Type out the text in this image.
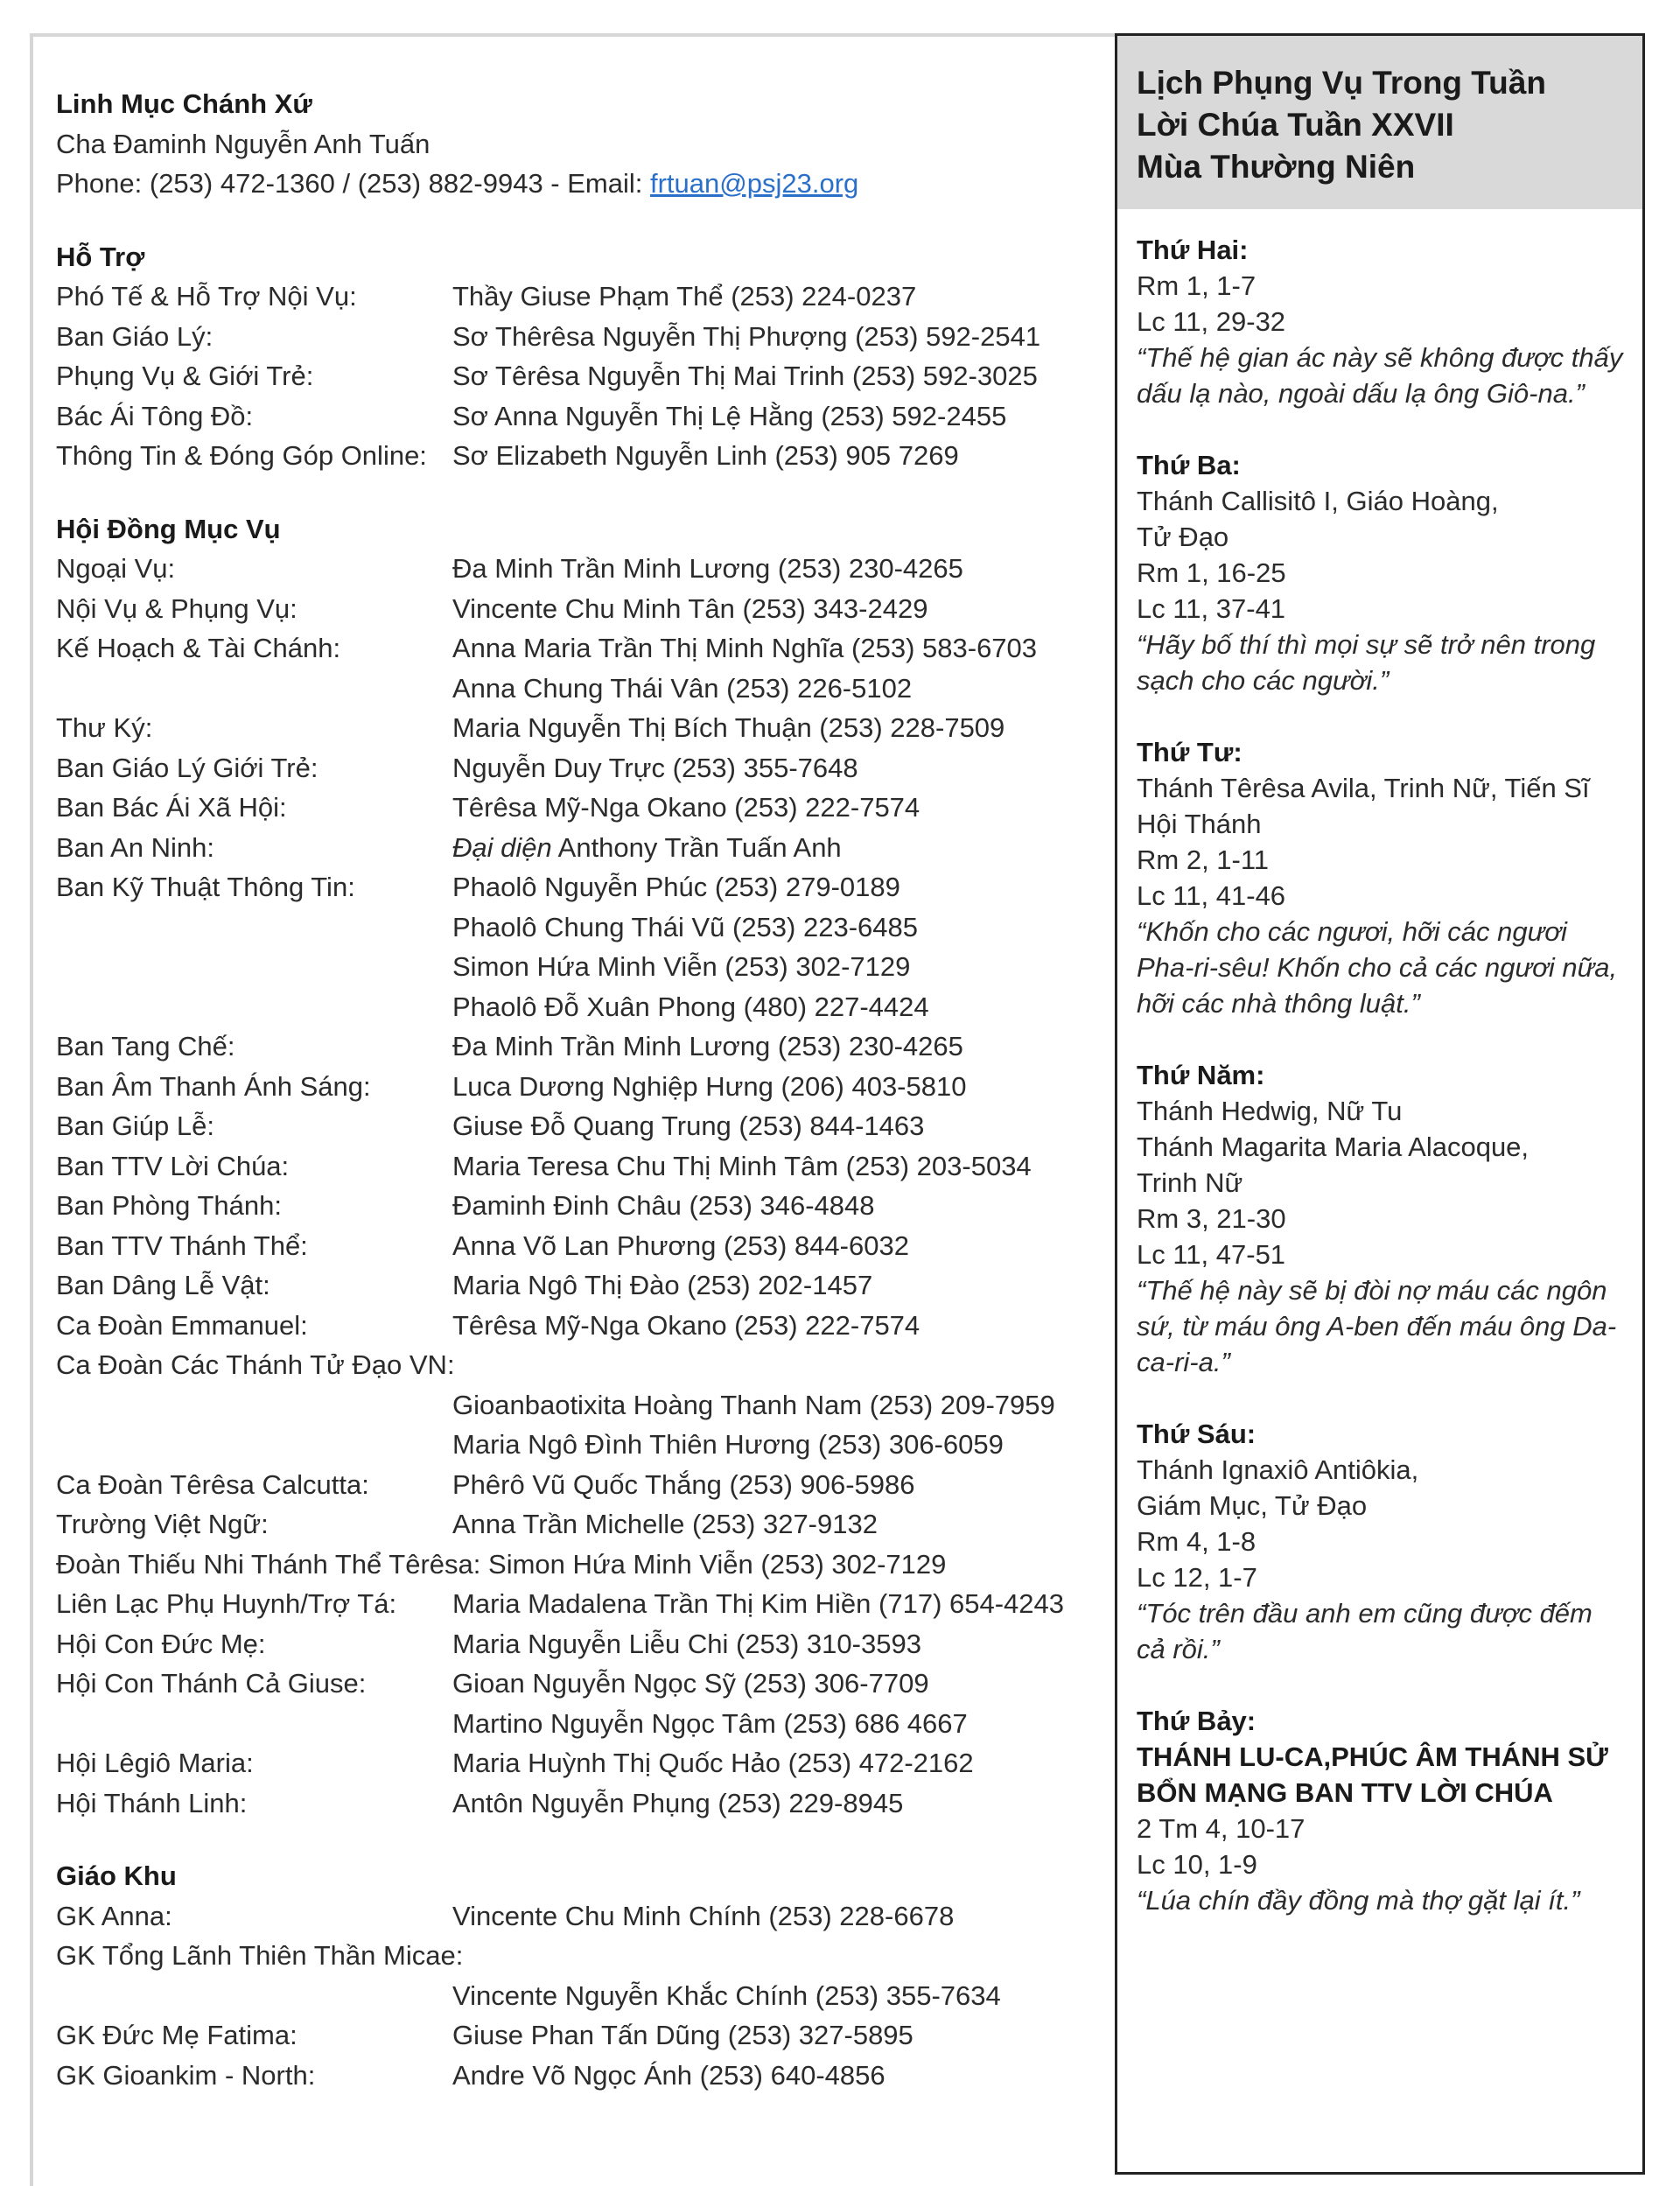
Linh Mục Chánh Xứ
Cha Đaminh Nguyễn Anh Tuấn
Phone: (253) 472-1360 / (253) 882-9943 - Email: frtuan@psj23.org
Hỗ Trợ
Phó Tế & Hỗ Trợ Nội Vụ:	Thầy Giuse Phạm Thể (253) 224-0237
Ban Giáo Lý:	Sơ Thêrêsa Nguyễn Thị Phượng (253) 592-2541
Phụng Vụ & Giới Trẻ:	Sơ Têrêsa Nguyễn Thị Mai Trinh (253) 592-3025
Bác Ái Tông Đồ:	Sơ Anna Nguyễn Thị Lệ Hằng (253) 592-2455
Thông Tin & Đóng Góp Online: Sơ Elizabeth Nguyễn Linh (253) 905 7269
Hội Đồng Mục Vụ
Ngoại Vụ:	Đa Minh Trần Minh Lương (253) 230-4265
Nội Vụ & Phụng Vụ:	Vincente Chu Minh Tân (253) 343-2429
Kế Hoạch & Tài Chánh:	Anna Maria Trần Thị Minh Nghĩa (253) 583-6703
Anna Chung Thái Vân (253) 226-5102
Thư Ký:	Maria Nguyễn Thị Bích Thuận (253) 228-7509
Ban Giáo Lý Giới Trẻ:	Nguyễn Duy Trực (253) 355-7648
Ban Bác Ái Xã Hội:	Têrêsa Mỹ-Nga Okano (253) 222-7574
Ban An Ninh:	Đại diện Anthony Trần Tuấn Anh
Ban Kỹ Thuật Thông Tin:	Phaolô Nguyễn Phúc (253) 279-0189
Phaolô Chung Thái Vũ (253) 223-6485
Simon Hứa Minh Viễn (253) 302-7129
Phaolô Đỗ Xuân Phong (480) 227-4424
Ban Tang Chế:	Đa Minh Trần Minh Lương (253) 230-4265
Ban Âm Thanh Ánh Sáng:	Luca Dương Nghiệp Hưng (206) 403-5810
Ban Giúp Lễ:	Giuse Đỗ Quang Trung (253) 844-1463
Ban TTV Lời Chúa:	Maria Teresa Chu Thị Minh Tâm (253) 203-5034
Ban Phòng Thánh:	Đaminh Đinh Châu (253) 346-4848
Ban TTV Thánh Thể:	Anna Võ Lan Phương (253) 844-6032
Ban Dâng Lễ Vật:	Maria Ngô Thị Đào (253) 202-1457
Ca Đoàn Emmanuel:	Têrêsa Mỹ-Nga Okano (253) 222-7574
Ca Đoàn Các Thánh Tử Đạo VN:
Gioanbaotixita Hoàng Thanh Nam (253) 209-7959
Maria Ngô Đình Thiên Hương (253) 306-6059
Ca Đoàn Têrêsa Calcutta:	Phêrô Vũ Quốc Thắng (253) 906-5986
Trường Việt Ngữ:	Anna Trần Michelle (253) 327-9132
Đoàn Thiếu Nhi Thánh Thể Têrêsa: Simon Hứa Minh Viễn (253) 302-7129
Liên Lạc Phụ Huynh/Trợ Tá:	Maria Madalena Trần Thị Kim Hiền (717) 654-4243
Hội Con Đức Mẹ:	Maria Nguyễn Liễu Chi (253) 310-3593
Hội Con Thánh Cả Giuse:	Gioan Nguyễn Ngọc Sỹ (253) 306-7709
Martino Nguyễn Ngọc Tâm (253) 686 4667
Hội Lêgiô Maria:	Maria Huỳnh Thị Quốc Hảo (253) 472-2162
Hội Thánh Linh:	Antôn Nguyễn Phụng (253) 229-8945
Giáo Khu
GK Anna:	Vincente Chu Minh Chính (253) 228-6678
GK Tổng Lãnh Thiên Thần Micae:
Vincente Nguyễn Khắc Chính (253) 355-7634
GK Đức Mẹ Fatima:	Giuse Phan Tấn Dũng (253) 327-5895
GK Gioankim - North:	Andre Võ Ngọc Ánh (253) 640-4856
Lịch Phụng Vụ Trong Tuần
Lời Chúa Tuần XXVII
Mùa Thường Niên
Thứ Hai:
Rm 1, 1-7
Lc 11, 29-32
“Thế hệ gian ác này sẽ không được thấy dấu lạ nào, ngoài dấu lạ ông Giô-na.”
Thứ Ba:
Thánh Callisitô I, Giáo Hoàng,
Tử Đạo
Rm 1, 16-25
Lc 11, 37-41
“Hãy bố thí thì mọi sự sẽ trở nên trong sạch cho các người.”
Thứ Tư:
Thánh Têrêsa Avila, Trinh Nữ, Tiến Sĩ Hội Thánh
Rm 2, 1-11
Lc 11, 41-46
“Khốn cho các ngươi, hỡi các ngươi Pha-ri-sêu! Khốn cho cả các ngươi nữa, hỡi các nhà thông luật.”
Thứ Năm:
Thánh Hedwig, Nữ Tu
Thánh Magarita Maria Alacoque,
Trinh Nữ
Rm 3, 21-30
Lc 11, 47-51
“Thế hệ này sẽ bị đòi nợ máu các ngôn sứ, từ máu ông A-ben đến máu ông Da-ca-ri-a.”
Thứ Sáu:
Thánh Ignaxiô Antiôkia,
Giám Mục, Tử Đạo
Rm 4, 1-8
Lc 12, 1-7
“Tóc trên đầu anh em cũng được đếm cả rồi.”
Thứ Bảy:
THÁNH LU-CA,PHÚC ÂM THÁNH SỬ BỔN MẠNG BAN TTV LỜI CHÚA
2 Tm 4, 10-17
Lc 10, 1-9
“Lúa chín đầy đồng mà thợ gặt lại ít.”
